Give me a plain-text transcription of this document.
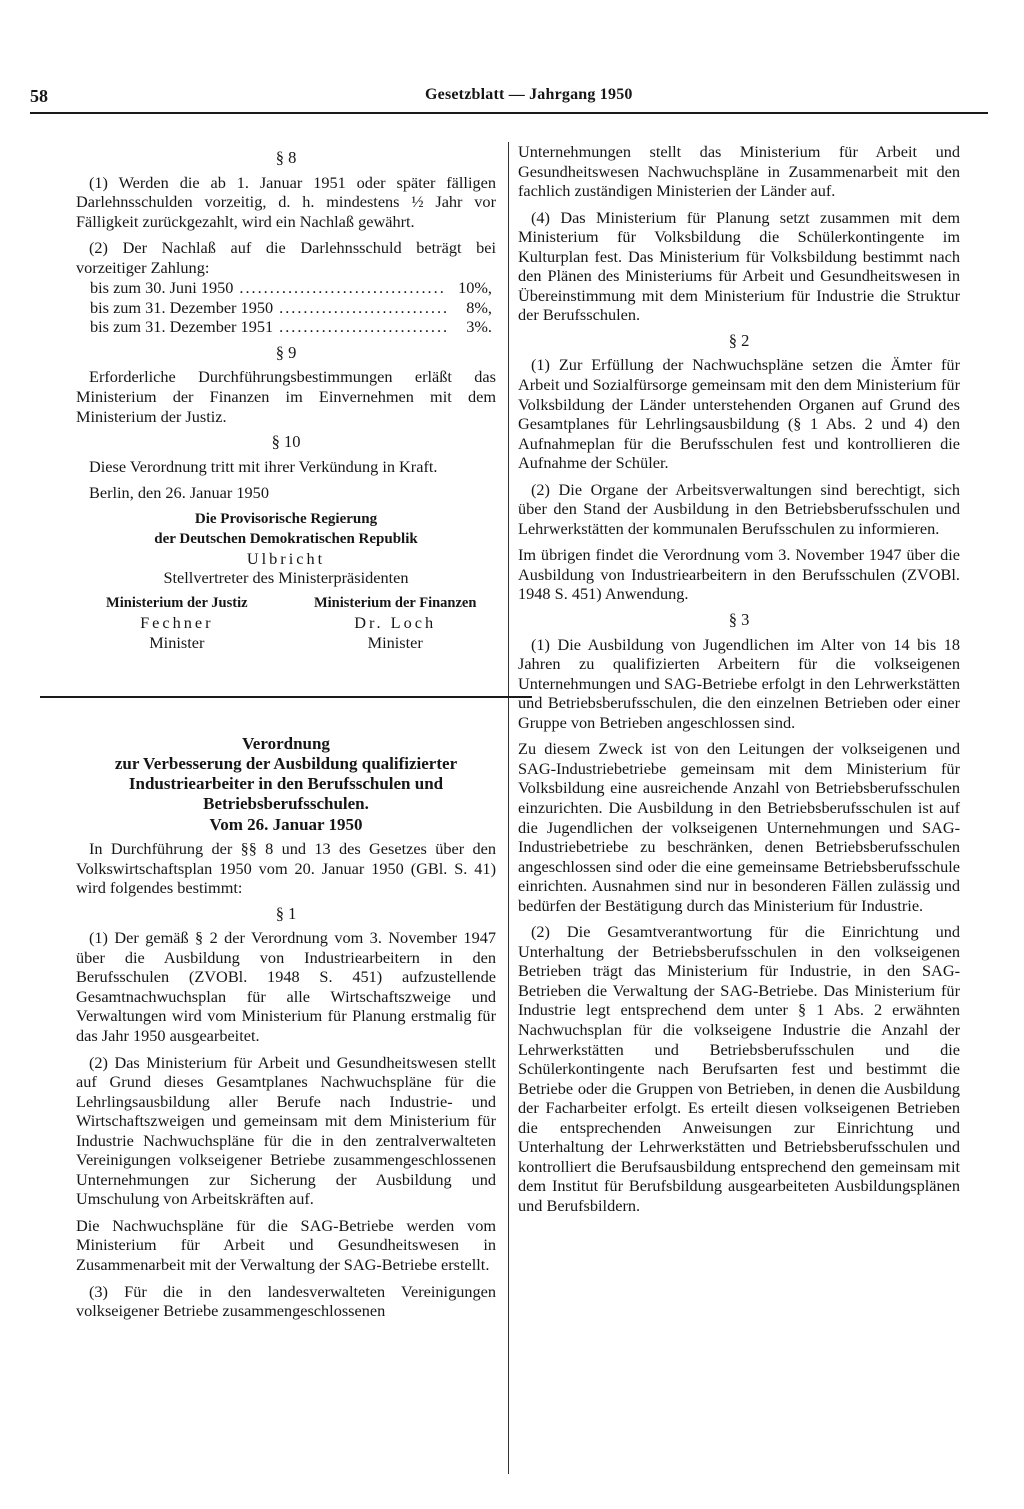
58	Gesetzblatt — Jahrgang 1950
§ 8

(1) Werden die ab 1. Januar 1951 oder später fälligen Darlehnsschulden vorzeitig, d. h. mindestens ½ Jahr vor Fälligkeit zurückgezahlt, wird ein Nachlaß gewährt.

(2) Der Nachlaß auf die Darlehnsschuld beträgt bei vorzeitiger Zahlung:

bis zum 30. Juni 1950 .....	10%,
bis zum 31. Dezember 1950 .....	8%,
bis zum 31. Dezember 1951 .....	3%.
§ 9

Erforderliche Durchführungsbestimmungen erläßt das Ministerium der Finanzen im Einvernehmen mit dem Ministerium der Justiz.

§ 10

Diese Verordnung tritt mit ihrer Verkündung in Kraft.

Berlin, den 26. Januar 1950

Die Provisorische Regierung
der Deutschen Demokratischen Republik
Ulbricht
Stellvertreter des Ministerpräsidenten
Ministerium der Justiz
Fechner
Minister
Ministerium der Finanzen
Dr. Loch
Minister
Verordnung
zur Verbesserung der Ausbildung qualifizierter Industriearbeiter in den Berufsschulen und Betriebsberufsschulen.
Vom 26. Januar 1950

In Durchführung der §§ 8 und 13 des Gesetzes über den Volkswirtschaftsplan 1950 vom 20. Januar 1950 (GBl. S. 41) wird folgendes bestimmt:

§ 1

(1) Der gemäß § 2 der Verordnung vom 3. November 1947 über die Ausbildung von Industriearbeitern in den Berufsschulen (ZVOBl. 1948 S. 451) aufzustellende Gesamtnachwuchsplan für alle Wirtschaftszweige und Verwaltungen wird vom Ministerium für Planung erstmalig für das Jahr 1950 ausgearbeitet.

(2) Das Ministerium für Arbeit und Gesundheitswesen stellt auf Grund dieses Gesamtplanes Nachwuchspläne für die Lehrlingsausbildung aller Berufe nach Industrie- und Wirtschaftszweigen und gemeinsam mit dem Ministerium für Industrie Nachwuchspläne für die in den zentralverwalteten Vereinigungen volkseigener Betriebe zusammengeschlossenen Unternehmungen zur Sicherung der Ausbildung und Umschulung von Arbeitskräften auf.

Die Nachwuchspläne für die SAG-Betriebe werden vom Ministerium für Arbeit und Gesundheitswesen in Zusammenarbeit mit der Verwaltung der SAG-Betriebe erstellt.

(3) Für die in den landesverwalteten Vereinigungen volkseigener Betriebe zusammengeschlossenen

Unternehmungen stellt das Ministerium für Arbeit und Gesundheitswesen Nachwuchspläne in Zusammenarbeit mit den fachlich zuständigen Ministerien der Länder auf.

(4) Das Ministerium für Planung setzt zusammen mit dem Ministerium für Volksbildung die Schülerkontingente im Kulturplan fest. Das Ministerium für Volksbildung bestimmt nach den Plänen des Ministeriums für Arbeit und Gesundheitswesen in Übereinstimmung mit dem Ministerium für Industrie die Struktur der Berufsschulen.

§ 2

(1) Zur Erfüllung der Nachwuchspläne setzen die Ämter für Arbeit und Sozialfürsorge gemeinsam mit den dem Ministerium für Volksbildung der Länder unterstehenden Organen auf Grund des Gesamtplanes für Lehrlingsausbildung (§ 1 Abs. 2 und 4) den Aufnahmeplan für die Berufsschulen fest und kontrollieren die Aufnahme der Schüler.

(2) Die Organe der Arbeitsverwaltungen sind berechtigt, sich über den Stand der Ausbildung in den Betriebsberufsschulen und Lehrwerkstätten der kommunalen Berufsschulen zu informieren.

Im übrigen findet die Verordnung vom 3. November 1947 über die Ausbildung von Industriearbeitern in den Berufsschulen (ZVOBl. 1948 S. 451) Anwendung.

§ 3

(1) Die Ausbildung von Jugendlichen im Alter von 14 bis 18 Jahren zu qualifizierten Arbeitern für die volkseigenen Unternehmungen und SAG-Betriebe erfolgt in den Lehrwerkstätten und Betriebsberufsschulen, die den einzelnen Betrieben oder einer Gruppe von Betrieben angeschlossen sind.

Zu diesem Zweck ist von den Leitungen der volkseigenen und SAG-Industriebetriebe gemeinsam mit dem Ministerium für Volksbildung eine ausreichende Anzahl von Betriebsberufsschulen einzurichten. Die Ausbildung in den Betriebsberufsschulen ist auf die Jugendlichen der volkseigenen Unternehmungen und SAG-Industriebetriebe zu beschränken, denen Betriebsberufsschulen angeschlossen sind oder die eine gemeinsame Betriebsberufsschule einrichten. Ausnahmen sind nur in besonderen Fällen zulässig und bedürfen der Bestätigung durch das Ministerium für Industrie.

(2) Die Gesamtverantwortung für die Einrichtung und Unterhaltung der Betriebsberufsschulen in den volkseigenen Betrieben trägt das Ministerium für Industrie, in den SAG-Betrieben die Verwaltung der SAG-Betriebe. Das Ministerium für Industrie legt entsprechend dem unter § 1 Abs. 2 erwähnten Nachwuchsplan für die volkseigene Industrie die Anzahl der Lehrwerkstätten und Betriebsberufsschulen und die Schülerkontingente nach Berufsarten fest und bestimmt die Betriebe oder die Gruppen von Betrieben, in denen die Ausbildung der Facharbeiter erfolgt. Es erteilt diesen volkseigenen Betrieben die entsprechenden Anweisungen zur Einrichtung und Unterhaltung der Lehrwerkstätten und Betriebsberufsschulen und kontrolliert die Berufsausbildung entsprechend den gemeinsam mit dem Institut für Berufsbildung ausgearbeiteten Ausbildungsplänen und Berufsbildern.
